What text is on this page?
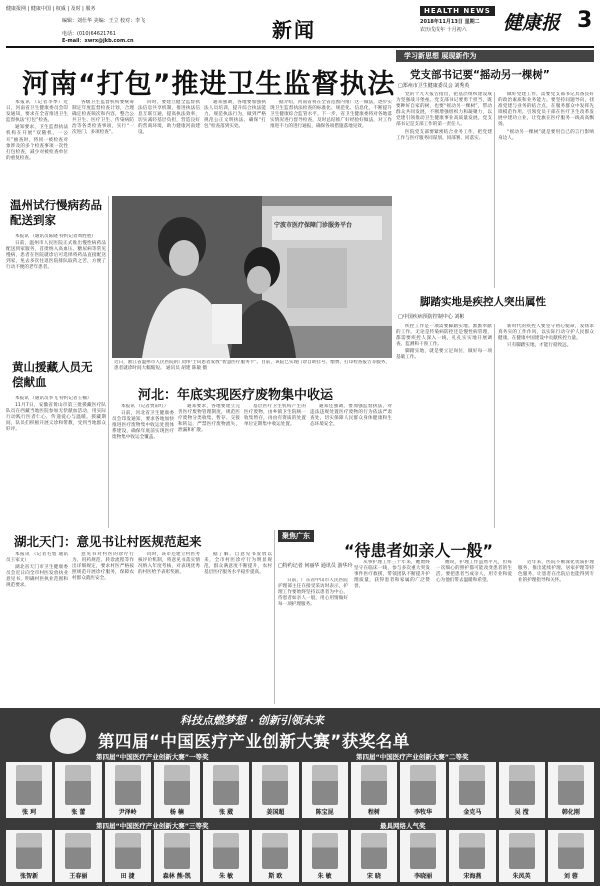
健康报网 | 健康中国 | 权威 | 及时 | 服务
编辑：刘仕华 美编：王立 校对：李飞
电话：(010)64621761
E-mail：xwrx@jkb.com.cn	新闻
HEALTH NEWS
2018年11月13日 星期二
农历戊戌年 十月初六 健康报 3
河南“打包”推进卫生监督执法
学习新思想 展现新作为
党支部书记要“摇动另一棵树”
□郑州市卫生健康委员会 刘秀英

党的十九大报告指出，把基层组织建设成为坚强战斗堡垒。党支部书记要勇于担当，既要种好自家的树，也要“摇动另一棵树”，带动群众共同发展，不断增强组织力和凝聚力，以党建引领推动卫生健康事业高质量发展。党支部书记是支部工作的第一责任人。

医院党支部要紧密结合业务工作，把党建工作与医疗服务同谋划、同部署、同落实。

做好党建工作，需要党支部书记具备良好的政治素质和业务能力。要坚持问题导向，找准党建与业务的结合点，在服务群众中发挥先锋模范作用，引领党员干部在医疗卫生改革发展中建功立业，让党旗在医疗服务一线高高飘扬。

“摇动另一棵树”就是要用自己的言行影响身边人。

本报讯 （记者李季）近日，河南省卫生健康委员会印发通知，要求在全省推进卫生监督执法“打包”检查。

通知要求，卫生监督执法机构在开展“双随机、一公开”抽查时，将同一被检查对象涉及的多个检查事项一次性打包检查，减少对被检查单位的重复检查。

各级卫生监督机构要统筹制定年度监督检查计划，合理确定检查频次和内容，整合公共卫生、医疗卫生、传染病防治等各类检查事项，实行“一次进门、多项检查”。

同时，要建立健全监督执法信息共享机制，推进执法信息互联互通，提高执法效率，切实减轻基层负担，营造良好的营商环境，助力健康河南建设。

通知强调，各地要加强执法人员培训，提升综合执法能力，规范执法行为，做到严格规范公正文明执法，确保“打包”检查落到实处。

据介绍，河南省将在全省范围内推广这一做法，逐步实现卫生监督执法检查的标准化、规范化、信息化，不断提升卫生健康综合监管水平。下一步，省卫生健康委将对各地落实情况进行督导检查，及时总结推广好经验好做法，对工作推进不力的进行通报，确保各项措施落地见效。

温州试行慢病药品配送到家

本报讯 （通讯员陈晓 特约记者周胜胜）

日前，温州市人民医院正式推出慢性病药品配送到家服务，首批纳入高血压、糖尿病等常见慢病，患者在医院就诊后可选择将药品直接配送到家，免去多次往返医院排队取药之苦，方便了行动不便的老年患者。

黄山援藏人员无偿献血

本报讯 （通讯员李飞 特约记者王楠）

11月7日，安徽省黄山市第三批援藏医疗队队员在西藏当地医院参加无偿献血活动，用实际行动践行医者仁心，传递爱心与温暖。援藏期间，队员们积极开展义诊和带教，受到当地群众好评。

宁波市医疗保障门诊服务平台
近日，浙江省温州市人民医院的门诊护士向患者发放“智慧医疗服务卡”。目前，该院已实现门诊自助挂号、缴费、打印检查报告等服务，患者就诊时间大幅缩短。 通讯员 胡建 陈敏 摄
河北：年底实现医疗废物集中收运

本报讯 （记者贾彩红）

日前，河北省卫生健康委员会印发通知，要求各地加快推进医疗废物集中收运处置体系建设，确保年底前实现医疗废物集中收运全覆盖。

通知要求，各地要建立完善医疗废物管理制度，规范医疗废物分类收集、暂存、交接和转运，严禁医疗废物流失、泄漏和扩散。

基层医疗卫生机构产生的医疗废物，由乡镇卫生院统一收集暂存，再由有资质的处置单位定期集中收运处置。

通知还强调，要加强监督执法，对违法违规处置医疗废物的行为依法严肃查处，切实保障人民群众身体健康和生态环境安全。

脚踏实地是疾控人突出属性
□中国疾病预防控制中心 刘彬

疾控工作是一项需要脚踏实地、默默奉献的工作。无论是传染病防控还是慢性病管理，都需要疾控人深入一线，扎扎实实地开展调查、监测和干预工作。

脚踏实地，就是要立足岗位，做好每一项基础工作。

新时代的疾控人要坚守初心使命，发扬求真务实的工作作风，以实际行动守护人民群众健康，在健康中国建设中贡献疾控力量。

只有脚踏实地，才能行稳致远。

聚焦广东
“待患者如亲人一般”
□特约记者 何丽华 通讯员 游华玲

日前，广东省中山市人民医院护理部主任在接受采访时表示，护理工作要始终坚持以患者为中心，待患者如亲人一般，用心用情做好每一项护理服务。

从事护理工作三十年来，她始终坚守在临床一线，参与多次重大突发事件医疗救援，带领团队不断提升护理质量，获得患者和家属的广泛赞誉。

她说，护理工作虽然平凡，但每一次细心的照护都可能改变患者的生活。要把患者当成亲人，用专业和爱心为他们带去温暖和希望。

近年来，医院不断深化优质护理服务，推出延续护理、居家护理等特色服务，让患者在出院后也能得到专业的护理指导和关怀。

湖北天门：意见书让村医规范起来

本报讯 （记者毛旭 通讯员王家文）

湖北省天门市卫生健康委员会近日向全市村医发放执业意见书，明确村医执业范围和规范要求。

意见书对村医的诊疗行为、用药规范、转诊流程等作出详细规定，要求村医严格按照规范开展诊疗服务，保障农村群众就医安全。

同时，该市还建立村医考核评价机制，将意见书落实情况纳入年度考核，对表现优秀的村医给予表彰奖励。

据了解，自意见书发放以来，全市村医诊疗行为明显规范，群众满意度不断提升，农村基层医疗服务水平稳步提高。

科技点燃梦想 · 创新引领未来
第四届“中国医疗产业创新大赛”获奖名单
第四届“中国医疗产业创新大赛”一等奖	第四届“中国医疗产业创新大赛”二等奖
张 珂	张 蕾	尹泽岭	杨 楠	张 葳	姜国超	陈宝昆	程树	李牧华	金克马	吴 滢	韩化刚
第四届“中国医疗产业创新大赛”三等奖	最具网络人气奖
张智新	王春丽	田 捷	森林 熊·凯	朱 敏	斯 欧	朱 敏	宋 晓	李晓丽	宋海燕	朱凤英	刘 蓉
